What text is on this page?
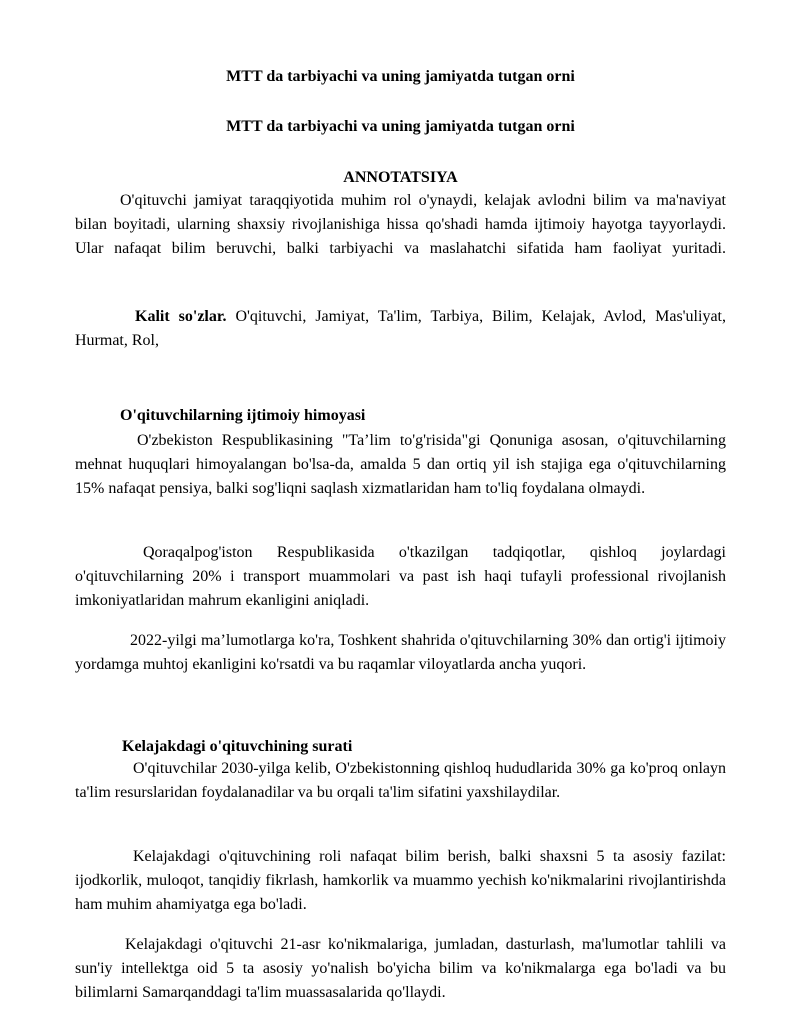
MTT da tarbiyachi va uning jamiyatda tutgan orni
MTT da tarbiyachi va uning jamiyatda tutgan orni
ANNOTATSIYA

O'qituvchi jamiyat taraqqiyotida muhim rol o'ynaydi, kelajak avlodni bilim va ma'naviyat bilan boyitadi, ularning shaxsiy rivojlanishiga hissa qo'shadi hamda ijtimoiy hayotga tayyorlaydi. Ular nafaqat bilim beruvchi, balki tarbiyachi va maslahatchi sifatida ham faoliyat yuritadi.

Kalit so'zlar. O'qituvchi, Jamiyat, Ta'lim, Tarbiya, Bilim, Kelajak, Avlod, Mas'uliyat, Hurmat, Rol,

O'qituvchilarning ijtimoiy himoyasi

O'zbekiston Respublikasining "Ta’lim to'g'risida"gi Qonuniga asosan, o'qituvchilarning mehnat huquqlari himoyalangan bo'lsa-da, amalda 5 dan ortiq yil ish stajiga ega o'qituvchilarning 15% nafaqat pensiya, balki sog'liqni saqlash xizmatlaridan ham to'liq foydalana olmaydi.

Qoraqalpog'iston Respublikasida o'tkazilgan tadqiqotlar, qishloq joylardagi o'qituvchilarning 20% i transport muammolari va past ish haqi tufayli professional rivojlanish imkoniyatlaridan mahrum ekanligini aniqladi.

2022-yilgi ma’lumotlarga ko'ra, Toshkent shahrida o'qituvchilarning 30% dan ortig'i ijtimoiy yordamga muhtoj ekanligini ko'rsatdi va bu raqamlar viloyatlarda ancha yuqori.

Kelajakdagi o'qituvchining surati

O'qituvchilar 2030-yilga kelib, O'zbekistonning qishloq hududlarida 30% ga ko'proq onlayn ta'lim resurslaridan foydalanadilar va bu orqali ta'lim sifatini yaxshilaydilar.

Kelajakdagi o'qituvchining roli nafaqat bilim berish, balki shaxsni 5 ta asosiy fazilat: ijodkorlik, muloqot, tanqidiy fikrlash, hamkorlik va muammo yechish ko'nikmalarini rivojlantirishda ham muhim ahamiyatga ega bo'ladi.

Kelajakdagi o'qituvchi 21-asr ko'nikmalariga, jumladan, dasturlash, ma'lumotlar tahlili va sun'iy intellektga oid 5 ta asosiy yo'nalish bo'yicha bilim va ko'nikmalarga ega bo'ladi va bu bilimlarni Samarqanddagi ta'lim muassasalarida qo'llaydi.
